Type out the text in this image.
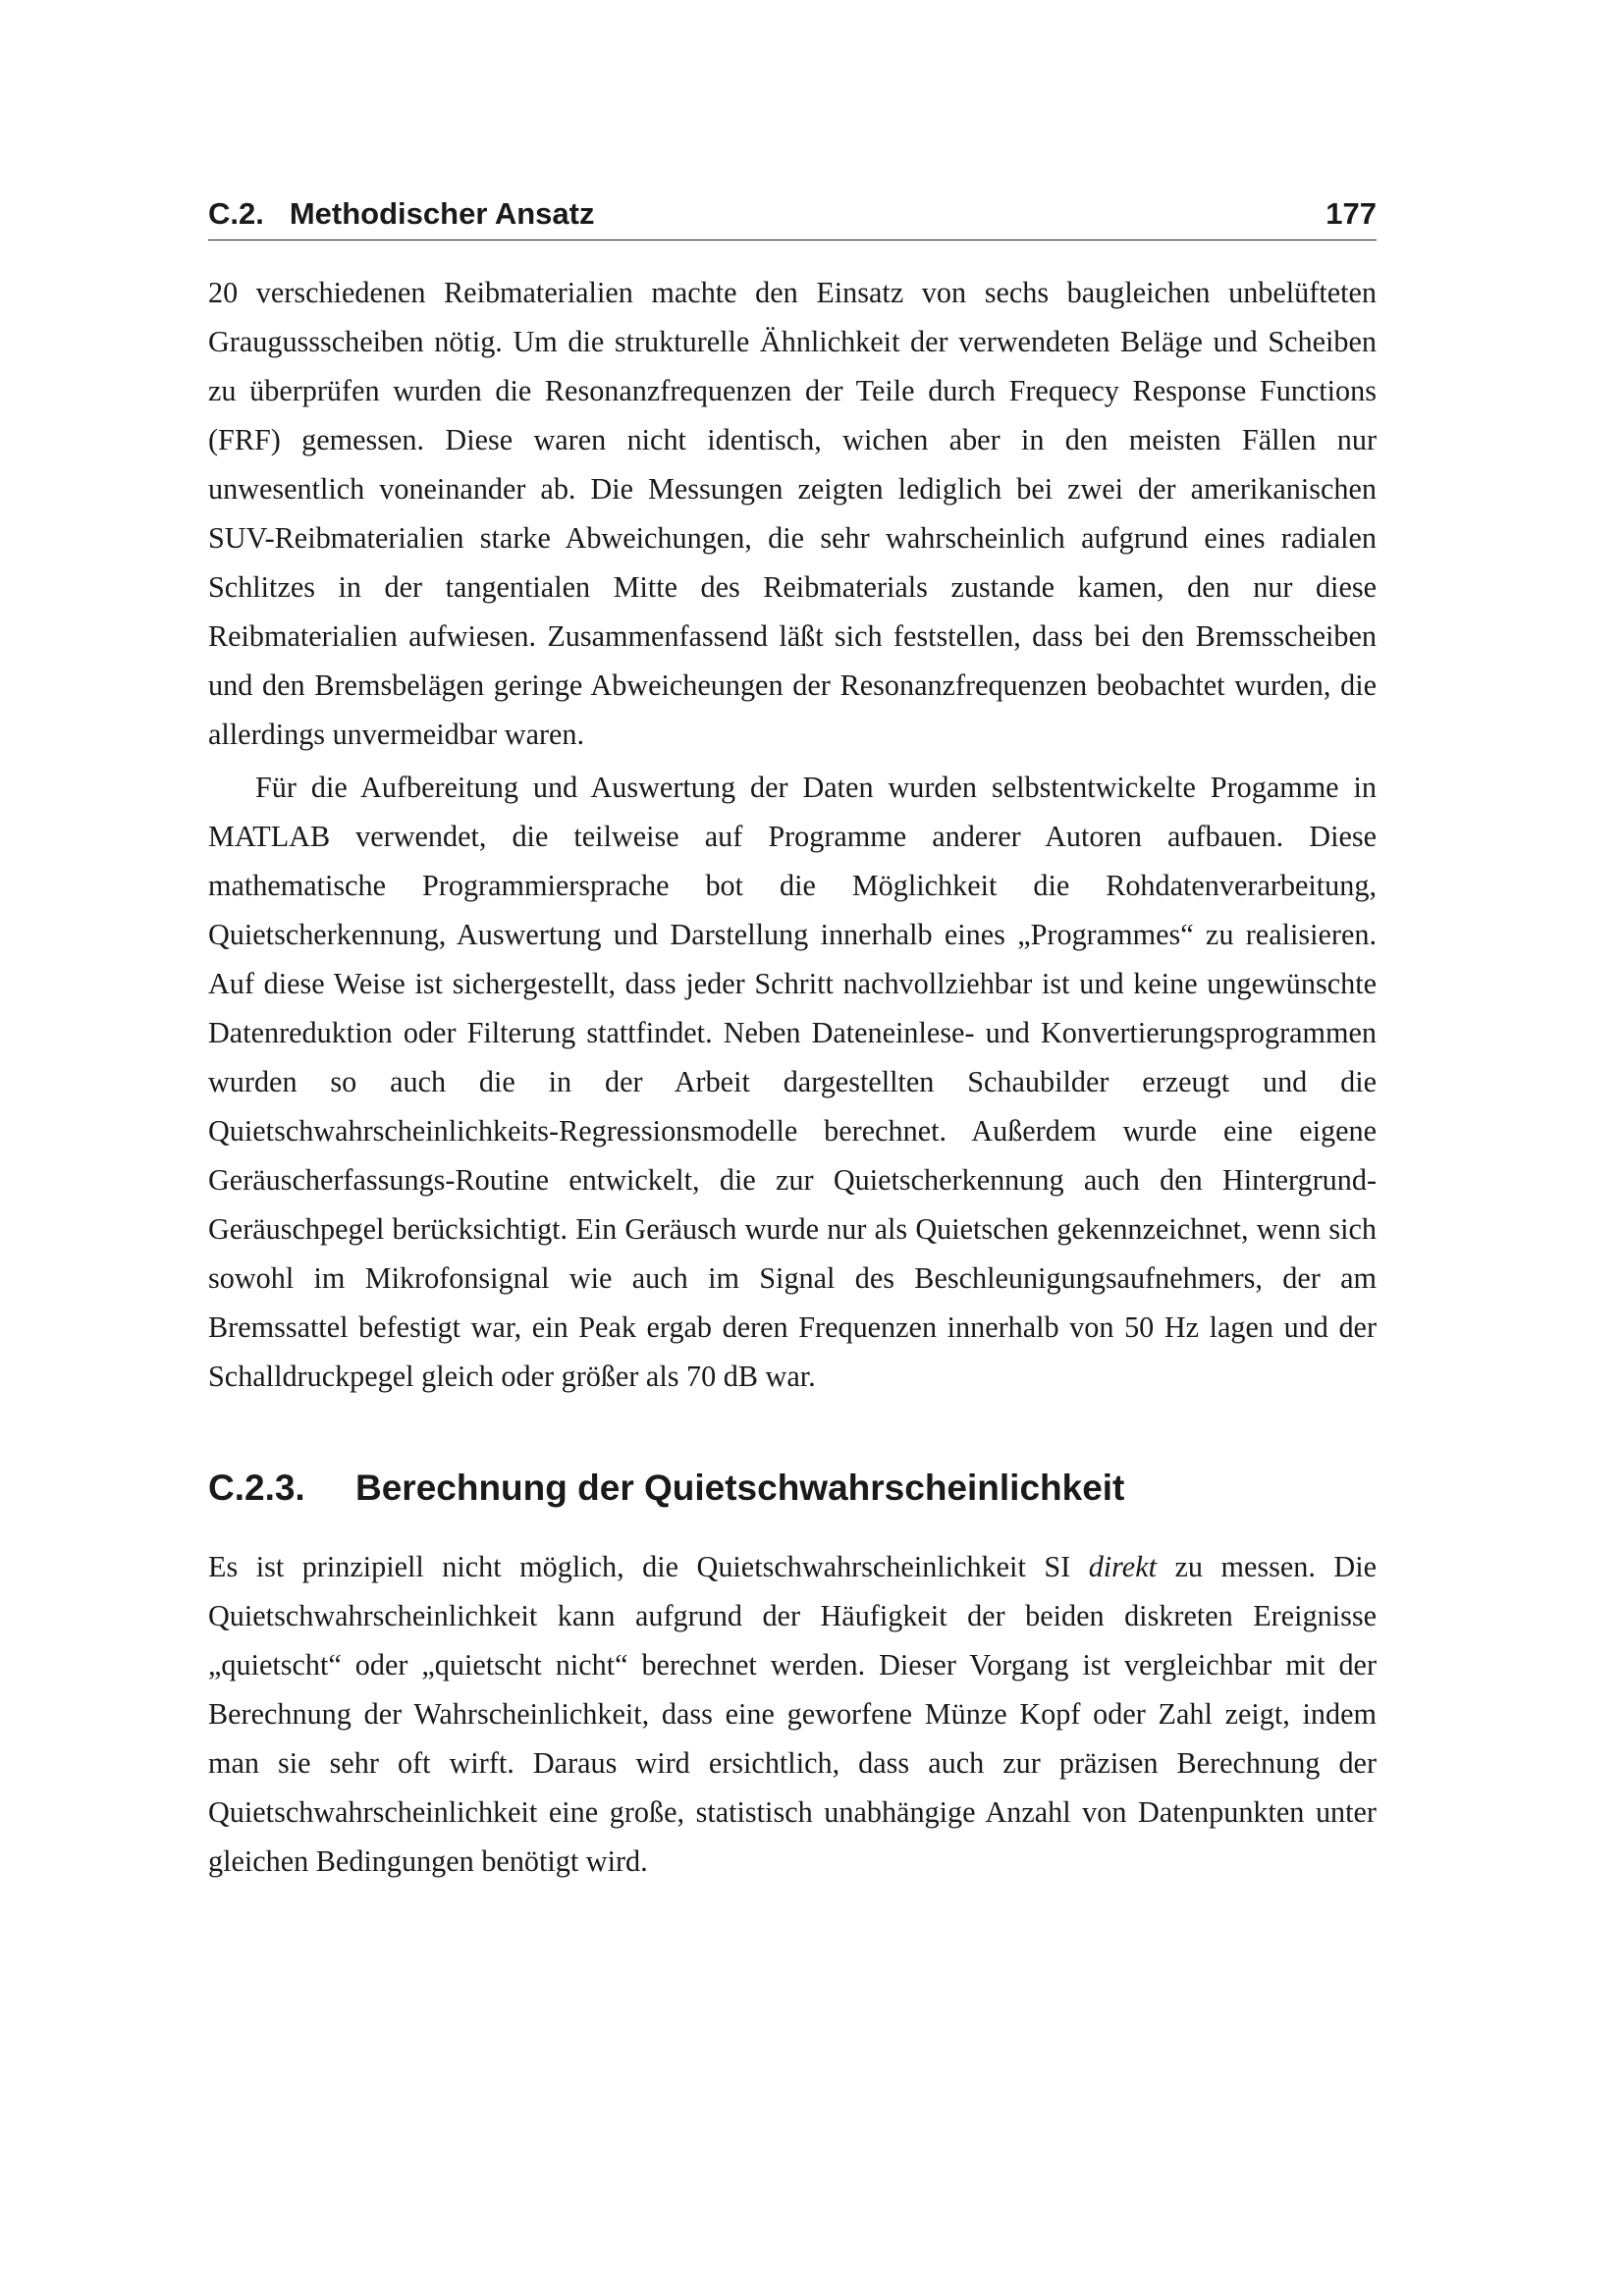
C.2. Methodischer Ansatz	177

20 verschiedenen Reibmaterialien machte den Einsatz von sechs baugleichen unbelüfteten Graugussscheiben nötig. Um die strukturelle Ähnlichkeit der verwendeten Beläge und Scheiben zu überprüfen wurden die Resonanzfrequenzen der Teile durch Frequecy Response Functions (FRF) gemessen. Diese waren nicht identisch, wichen aber in den meisten Fällen nur unwesentlich voneinander ab. Die Messungen zeigten lediglich bei zwei der amerikanischen SUV-Reibmaterialien starke Abweichungen, die sehr wahrscheinlich aufgrund eines radialen Schlitzes in der tangentialen Mitte des Reibmaterials zustande kamen, den nur diese Reibmaterialien aufwiesen. Zusammenfassend läßt sich feststellen, dass bei den Bremsscheiben und den Bremsbelägen geringe Abweicheungen der Resonanzfrequenzen beobachtet wurden, die allerdings unvermeidbar waren.

Für die Aufbereitung und Auswertung der Daten wurden selbstentwickelte Progamme in MATLAB verwendet, die teilweise auf Programme anderer Autoren aufbauen. Diese mathematische Programmiersprache bot die Möglichkeit die Rohdatenverarbeitung, Quietscherkennung, Auswertung und Darstellung innerhalb eines „Programmes“ zu realisieren. Auf diese Weise ist sichergestellt, dass jeder Schritt nachvollziehbar ist und keine ungewünschte Datenreduktion oder Filterung stattfindet. Neben Dateneinlese- und Konvertierungsprogrammen wurden so auch die in der Arbeit dargestellten Schaubilder erzeugt und die Quietschwahrscheinlichkeits-Regressionsmodelle berechnet. Außerdem wurde eine eigene Geräuscherfassungs-Routine entwickelt, die zur Quietscherkennung auch den Hintergrund-Geräuschpegel berücksichtigt. Ein Geräusch wurde nur als Quietschen gekennzeichnet, wenn sich sowohl im Mikrofonsignal wie auch im Signal des Beschleunigungsaufnehmers, der am Bremssattel befestigt war, ein Peak ergab deren Frequenzen innerhalb von 50 Hz lagen und der Schalldruckpegel gleich oder größer als 70 dB war.

C.2.3.	Berechnung der Quietschwahrscheinlichkeit

Es ist prinzipiell nicht möglich, die Quietschwahrscheinlichkeit SI direkt zu messen. Die Quietschwahrscheinlichkeit kann aufgrund der Häufigkeit der beiden diskreten Ereignisse „quietscht“ oder „quietscht nicht“ berechnet werden. Dieser Vorgang ist vergleichbar mit der Berechnung der Wahrscheinlichkeit, dass eine geworfene Münze Kopf oder Zahl zeigt, indem man sie sehr oft wirft. Daraus wird ersichtlich, dass auch zur präzisen Berechnung der Quietschwahrscheinlichkeit eine große, statistisch unabhängige Anzahl von Datenpunkten unter gleichen Bedingungen benötigt wird.
